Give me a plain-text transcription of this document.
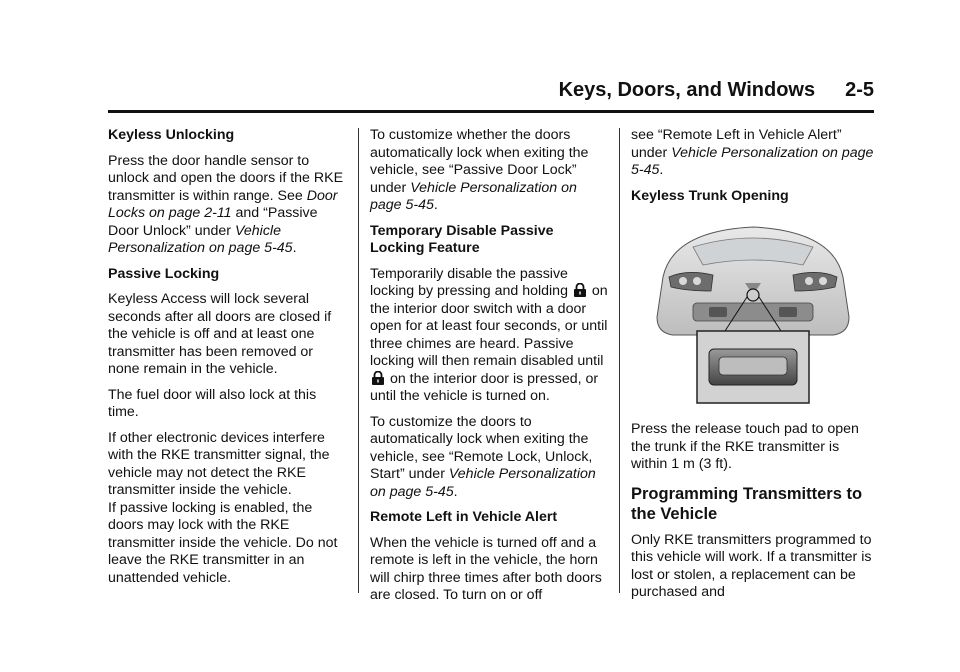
Keys, Doors, and Windows 2-5

Keyless Unlocking

Press the door handle sensor to unlock and open the doors if the RKE transmitter is within range. See Door Locks on page 2-11 and “Passive Door Unlock” under Vehicle Personalization on page 5-45.

Passive Locking

Keyless Access will lock several seconds after all doors are closed if the vehicle is off and at least one transmitter has been removed or none remain in the vehicle.

The fuel door will also lock at this time.

If other electronic devices interfere with the RKE transmitter signal, the vehicle may not detect the RKE transmitter inside the vehicle.

If passive locking is enabled, the doors may lock with the RKE transmitter inside the vehicle. Do not leave the RKE transmitter in an unattended vehicle.

To customize whether the doors automatically lock when exiting the vehicle, see “Passive Door Lock” under Vehicle Personalization on page 5-45.

Temporary Disable Passive Locking Feature

Temporarily disable the passive locking by pressing and holding  on the interior door switch with a door open for at least four seconds, or until three chimes are heard. Passive locking will then remain disabled until  on the interior door is pressed, or until the vehicle is turned on.

To customize the doors to automatically lock when exiting the vehicle, see “Remote Lock, Unlock, Start” under Vehicle Personalization on page 5-45.

Remote Left in Vehicle Alert

When the vehicle is turned off and a remote is left in the vehicle, the horn will chirp three times after both doors are closed. To turn on or off

see “Remote Left in Vehicle Alert” under Vehicle Personalization on page 5-45.

Keyless Trunk Opening

Press the release touch pad to open the trunk if the RKE transmitter is within 1 m (3 ft).

Programming Transmitters to the Vehicle

Only RKE transmitters programmed to this vehicle will work. If a transmitter is lost or stolen, a replacement can be purchased and
